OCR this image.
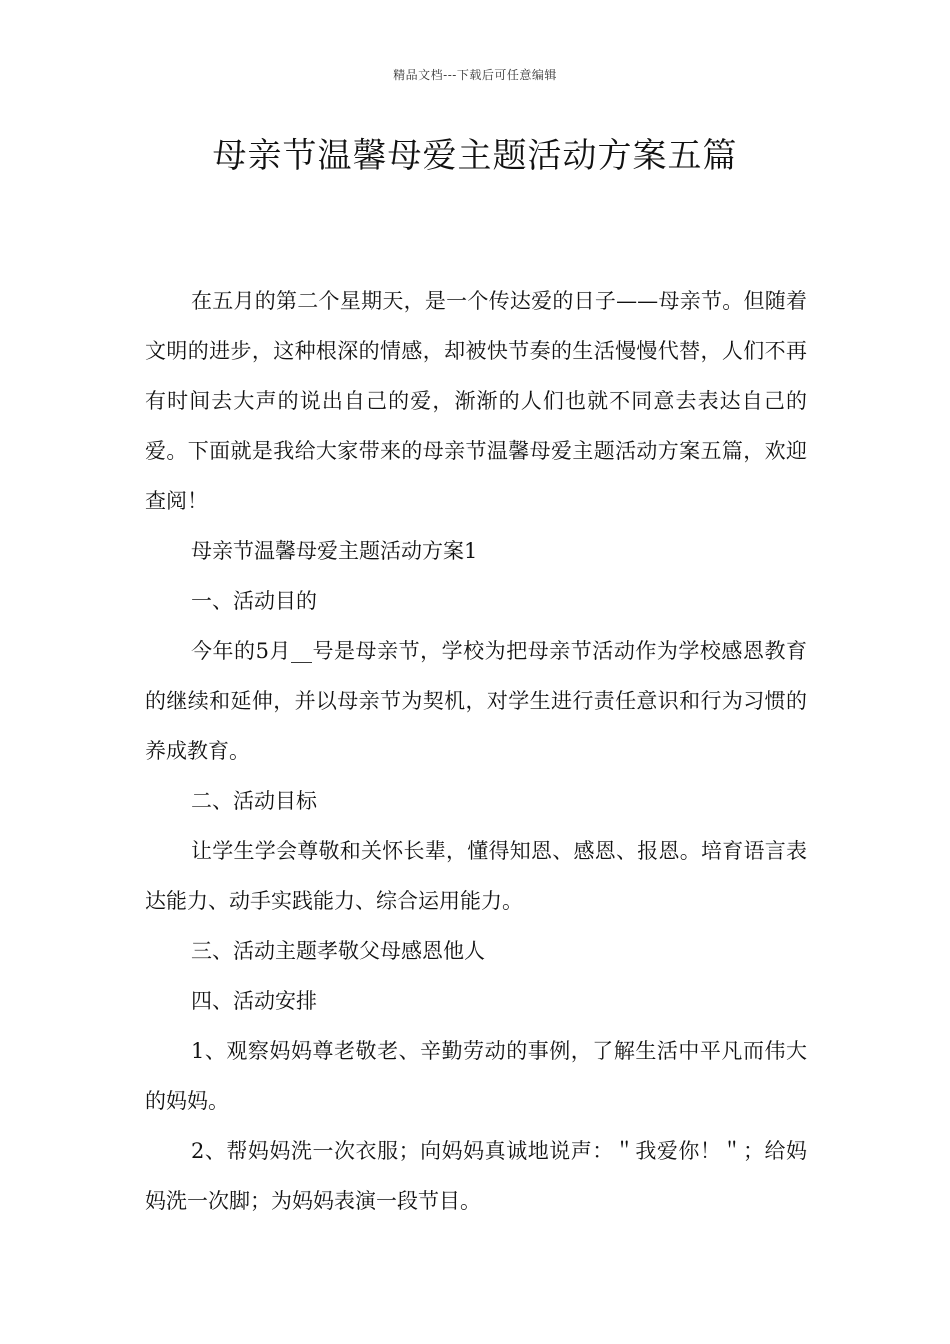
精品文档---下载后可任意编辑
母亲节温馨母爱主题活动方案五篇

在五月的第二个星期天，是一个传达爱的日子——母亲节。但随着文明的进步，这种根深的情感，却被快节奏的生活慢慢代替，人们不再有时间去大声的说出自己的爱，渐渐的人们也就不同意去表达自己的爱。下面就是我给大家带来的母亲节温馨母爱主题活动方案五篇，欢迎查阅！

母亲节温馨母爱主题活动方案1

一、活动目的

今年的5月__号是母亲节，学校为把母亲节活动作为学校感恩教育的继续和延伸，并以母亲节为契机，对学生进行责任意识和行为习惯的养成教育。

二、活动目标

让学生学会尊敬和关怀长辈，懂得知恩、感恩、报恩。培育语言表达能力、动手实践能力、综合运用能力。

三、活动主题孝敬父母感恩他人

四、活动安排

1、观察妈妈尊老敬老、辛勤劳动的事例，了解生活中平凡而伟大的妈妈。

2、帮妈妈洗一次衣服；向妈妈真诚地说声：＂我爱你！＂；给妈妈洗一次脚；为妈妈表演一段节目。
